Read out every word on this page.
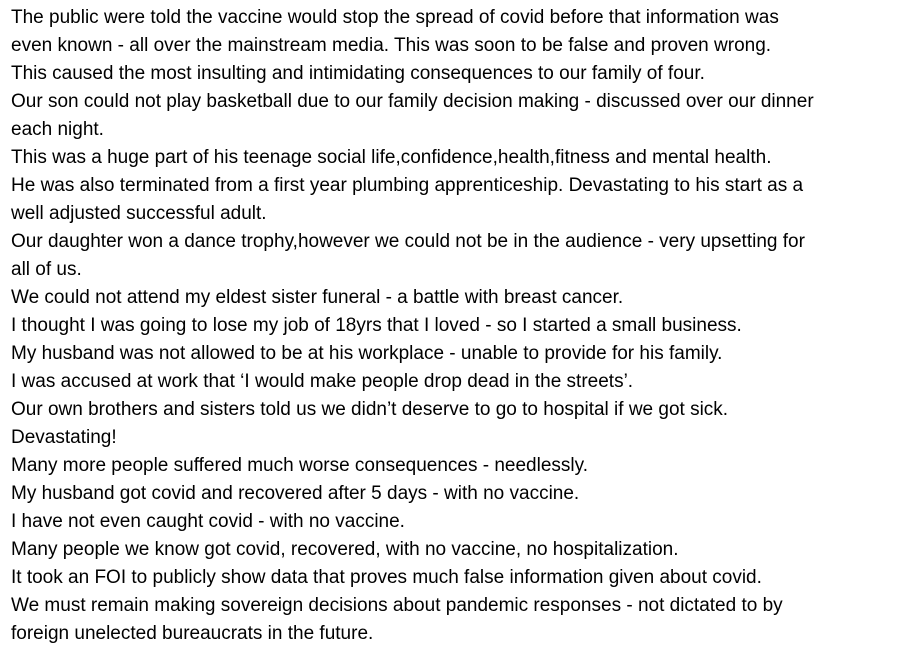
The public were told the vaccine would stop the spread of covid before that information was
even known - all over the mainstream media. This was soon to be false and proven wrong.
This caused the most insulting and intimidating consequences to our family of four.
Our son could not play basketball due to our family decision making - discussed over our dinner
each night.
This was a huge part of his teenage social life,confidence,health,fitness and mental health.
He was also terminated from a first year plumbing apprenticeship. Devastating to his start as a
well adjusted successful adult.
Our daughter won a dance trophy,however we could not be in the audience - very upsetting for
all of us.
We could not attend my eldest sister funeral - a battle with breast cancer.
I thought I was going to lose my job of 18yrs that I loved - so I started a small business.
My husband was not allowed to be at his workplace - unable to provide for his family.
I was accused at work that ‘I would make people drop dead in the streets’.
Our own brothers and sisters told us we didn’t deserve to go to hospital if we got sick.
Devastating!
Many more people suffered much worse consequences - needlessly.
My husband got covid and recovered after 5 days - with no vaccine.
I have not even caught covid - with no vaccine.
Many people we know got covid, recovered, with no vaccine, no hospitalization.
It took an FOI to publicly show data that proves much false information given about covid.
We must remain making sovereign decisions about pandemic responses - not dictated to by
foreign unelected bureaucrats in the future.
